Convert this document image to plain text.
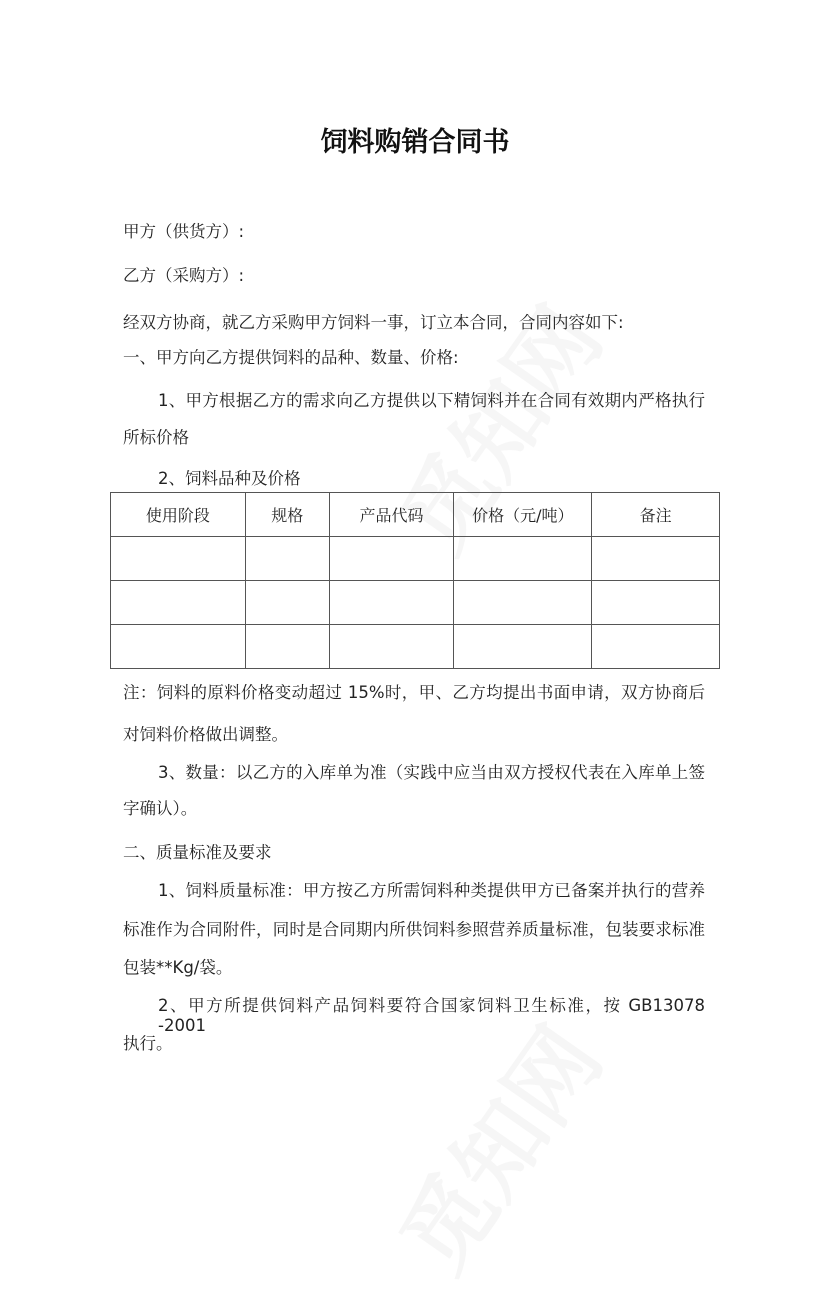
饲料购销合同书
甲方（供货方）:
乙方（采购方）:
经双方协商，就乙方采购甲方饲料一事，订立本合同，合同内容如下:
一、甲方向乙方提供饲料的品种、数量、价格:
1、甲方根据乙方的需求向乙方提供以下精饲料并在合同有效期内严格执行
所标价格
2、饲料品种及价格
使用阶段	规格	产品代码	价格（元/吨）	备注

注：饲料的原料价格变动超过 15%时，甲、乙方均提出书面申请，双方协商后
对饲料价格做出调整。
3、数量：以乙方的入库单为准（实践中应当由双方授权代表在入库单上签
字确认）。
二、质量标准及要求
1、饲料质量标准：甲方按乙方所需饲料种类提供甲方已备案并执行的营养
标准作为合同附件，同时是合同期内所供饲料参照营养质量标准，包装要求标准
包装**Kg/袋。
2、甲方所提供饲料产品饲料要符合国家饲料卫生标准，按 GB13078 -2001
执行。
